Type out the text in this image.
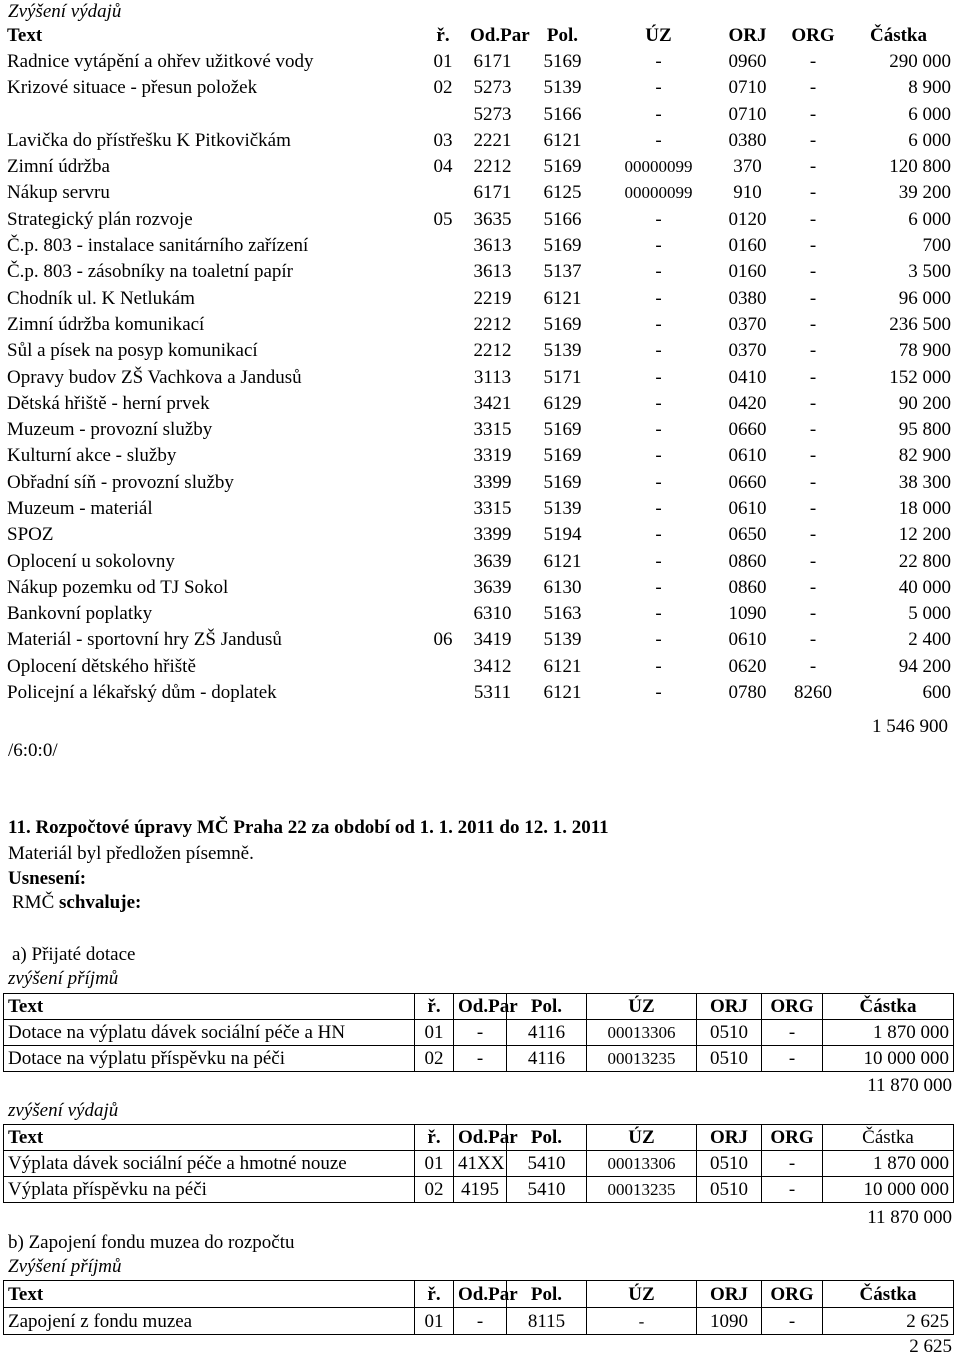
Zvýšení výdajů
Text	ř.	Od.Par	Pol.	ÚZ	ORJ	ORG	Částka
Radnice vytápění a ohřev užitkové vody	01	6171	5169	-	0960	-	290 000
Krizové situace - přesun položek	02	5273	5139	-	0710	-	8 900
		5273	5166	-	0710	-	6 000
Lavička do přístřešku K Pitkovičkám	03	2221	6121	-	0380	-	6 000
Zimní údržba	04	2212	5169	00000099	370	-	120 800
Nákup servru		6171	6125	00000099	910	-	39 200
Strategický plán rozvoje	05	3635	5166	-	0120	-	6 000
Č.p. 803 - instalace sanitárního zařízení		3613	5169	-	0160	-	700
Č.p. 803 - zásobníky na toaletní papír		3613	5137	-	0160	-	3 500
Chodník ul. K Netlukám		2219	6121	-	0380	-	96 000
Zimní údržba komunikací		2212	5169	-	0370	-	236 500
Sůl a písek na posyp komunikací		2212	5139	-	0370	-	78 900
Opravy budov ZŠ Vachkova a Jandusů		3113	5171	-	0410	-	152 000
Dětská hřiště - herní prvek		3421	6129	-	0420	-	90 200
Muzeum - provozní služby		3315	5169	-	0660	-	95 800
Kulturní akce - služby		3319	5169	-	0610	-	82 900
Obřadní síň - provozní služby		3399	5169	-	0660	-	38 300
Muzeum - materiál		3315	5139	-	0610	-	18 000
SPOZ		3399	5194	-	0650	-	12 200
Oplocení u sokolovny		3639	6121	-	0860	-	22 800
Nákup pozemku od TJ Sokol		3639	6130	-	0860	-	40 000
Bankovní poplatky		6310	5163	-	1090	-	5 000
Materiál - sportovní hry ZŠ Jandusů	06	3419	5139	-	0610	-	2 400
Oplocení dětského hřiště		3412	6121	-	0620	-	94 200
Policejní a lékařský dům - doplatek		5311	6121	-	0780	8260	600
1 546 900
/6:0:0/
11. Rozpočtové úpravy MČ Praha 22 za období od 1. 1. 2011 do 12. 1. 2011
Materiál byl předložen písemně.
Usnesení:
RMČ schvaluje:
a) Přijaté dotace
zvýšení příjmů
Text	ř.	Od.Par	Pol.	ÚZ	ORJ	ORG	Částka
Dotace na výplatu dávek sociální péče a HN	01	-	4116	00013306	0510	-	1 870 000
Dotace na výplatu příspěvku na péči	02	-	4116	00013235	0510	-	10 000 000
11 870 000
zvýšení výdajů
Text	ř.	Od.Par	Pol.	ÚZ	ORJ	ORG	Částka
Výplata dávek sociální péče a hmotné nouze	01	41XX	5410	00013306	0510	-	1 870 000
Výplata příspěvku na péči	02	4195	5410	00013235	0510	-	10 000 000
11 870 000
b) Zapojení fondu muzea do rozpočtu
Zvýšení příjmů
Text	ř.	Od.Par	Pol.	ÚZ	ORJ	ORG	Částka
Zapojení z fondu muzea	01	-	8115	-	1090	-	2 625
2 625
